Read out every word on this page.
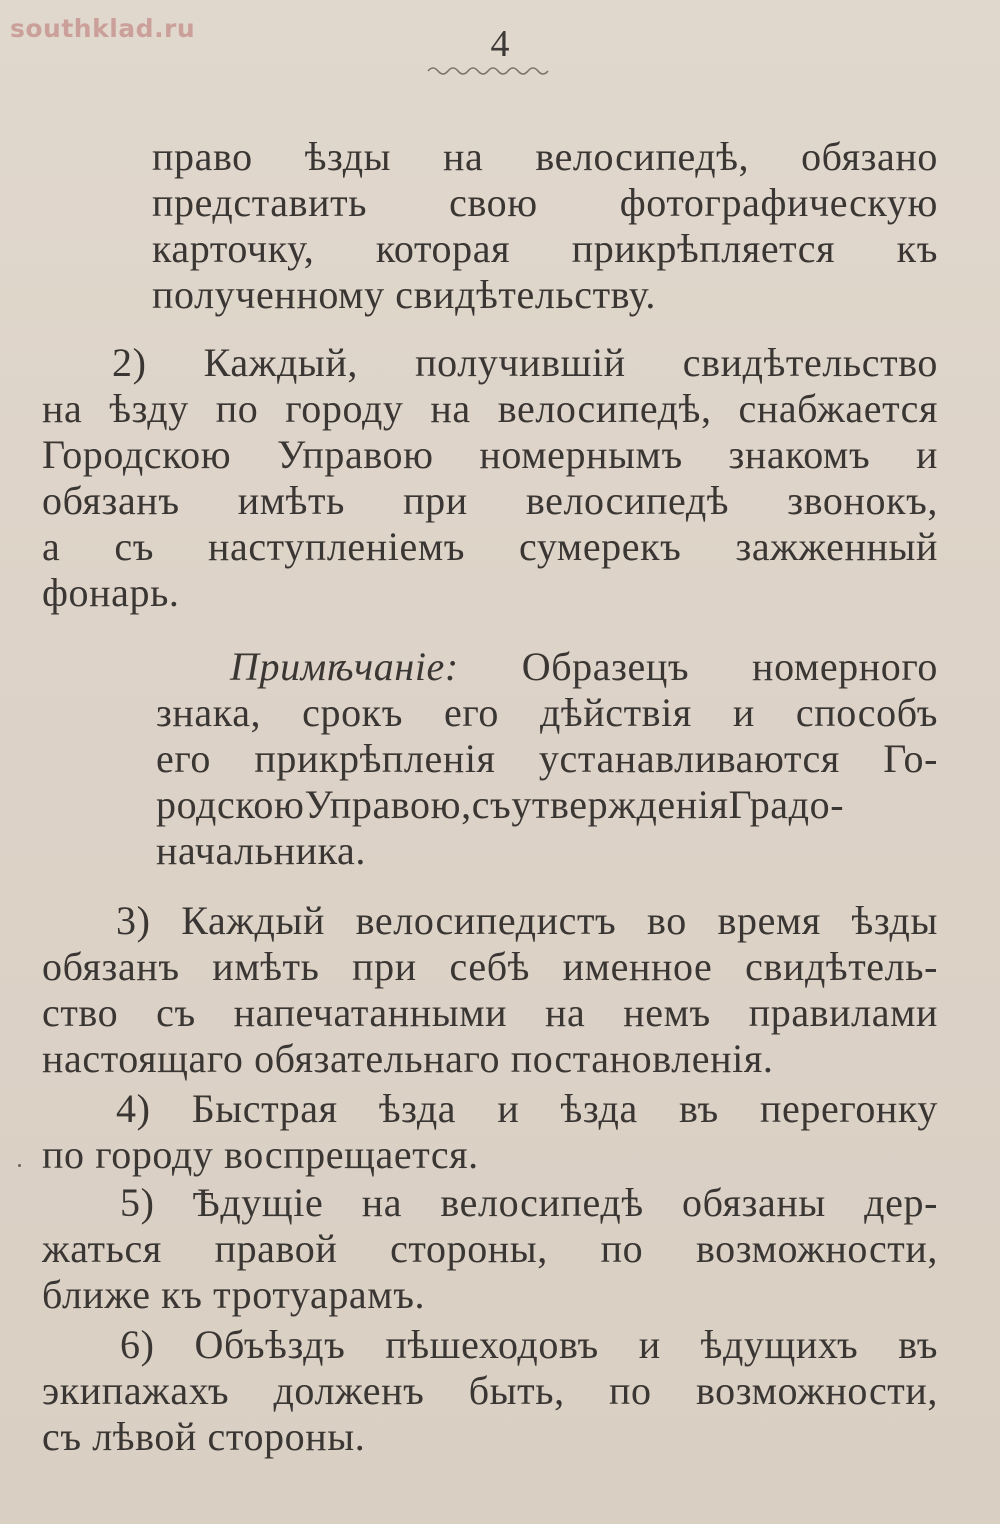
southklad.ru	4
право ѣзды на велосипедѣ, обязано
представить свою фотографическую
карточку, которая прикрѣпляется къ
полученному свидѣтельству.
2) Каждый, получившій свидѣтельство
на ѣзду по городу на велосипедѣ, снабжается
Городскою Управою номернымъ знакомъ и
обязанъ имѣть при велосипедѣ звонокъ,
а съ наступленіемъ сумерекъ зажженный
фонарь.
Примѣчаніе: Образецъ номерного
знака, срокъ его дѣйствія и способъ
его прикрѣпленія устанавливаются Го-
родскоюУправою,съутвержденіяГрадо-
начальника.
3) Каждый велосипедистъ во время ѣзды
обязанъ имѣть при себѣ именное свидѣтель-
ство съ напечатанными на немъ правилами
настоящаго обязательнаго постановленія.
4) Быстрая ѣзда и ѣзда въ перегонку
по городу воспрещается.
5) Ѣдущіе на велосипедѣ обязаны дер-
жаться правой стороны, по возможности,
ближе къ тротуарамъ.
6) Объѣздъ пѣшеходовъ и ѣдущихъ въ
экипажахъ долженъ быть, по возможности,
съ лѣвой стороны.
